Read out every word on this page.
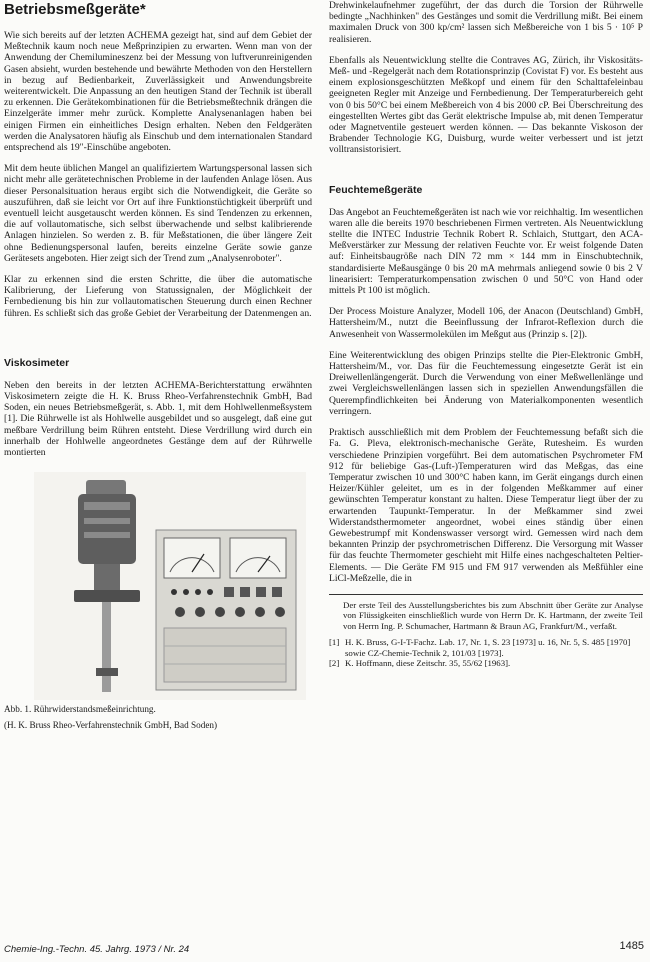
Betriebsmeßgeräte*

Wie sich bereits auf der letzten ACHEMA gezeigt hat, sind auf dem Gebiet der Meßtechnik kaum noch neue Meßprinzipien zu erwarten. Wenn man von der Anwendung der Chemilumineszenz bei der Messung von luftverunreinigenden Gasen absieht, wurden bestehende und bewährte Methoden von den Herstellern in bezug auf Bedienbarkeit, Zuverlässigkeit und Anwendungsbreite weiterentwickelt. Die Anpassung an den heutigen Stand der Technik ist überall zu erkennen. Die Gerätekombinationen für die Betriebsmeßtechnik drängen die Einzelgeräte immer mehr zurück. Komplette Analysenanlagen haben bei einigen Firmen ein einheitliches Design erhalten. Neben den Feldgeräten werden die Analysatoren häufig als Einschub und dem internationalen Standard entsprechend als 19"-Einschübe angeboten.

Mit dem heute üblichen Mangel an qualifiziertem Wartungspersonal lassen sich nicht mehr alle gerätetechnischen Probleme in der laufenden Anlage lösen. Aus dieser Personalsituation heraus ergibt sich die Notwendigkeit, die Geräte so auszuführen, daß sie leicht vor Ort auf ihre Funktionstüchtigkeit überprüft und eventuell leicht ausgetauscht werden können. Es sind Tendenzen zu erkennen, die auf vollautomatische, sich selbst überwachende und selbst kalibrierende Anlagen hinzielen. So werden z. B. für Meßstationen, die über längere Zeit ohne Bedienungspersonal laufen, bereits einzelne Geräte sowie ganze Gerätesets angeboten. Hier zeigt sich der Trend zum „Analysenroboter".

Klar zu erkennen sind die ersten Schritte, die über die automatische Kalibrierung, der Lieferung von Statussignalen, der Möglichkeit der Fernbedienung bis hin zur vollautomatischen Steuerung durch einen Rechner führen. Es schließt sich das große Gebiet der Verarbeitung der Datenmengen an.

Viskosimeter

Neben den bereits in der letzten ACHEMA-Berichterstattung erwähnten Viskosimetern zeigte die H. K. Bruss Rheo-Verfahrenstechnik GmbH, Bad Soden, ein neues Betriebsmeßgerät, s. Abb. 1, mit dem Hohlwellenmeßsystem [1]. Die Rührwelle ist als Hohlwelle ausgebildet und so ausgelegt, daß eine gut meßbare Verdrillung beim Rühren entsteht. Diese Verdrillung wird durch ein innerhalb der Hohlwelle angeordnetes Gestänge dem auf der Rührwelle montierten

Abb. 1. Rührwiderstandsmeßeinrichtung.
(H. K. Bruss Rheo-Verfahrenstechnik GmbH, Bad Soden)

Drehwinkelaufnehmer zugeführt, der das durch die Torsion der Rührwelle bedingte „Nachhinken" des Gestänges und somit die Verdrillung mißt. Bei einem maximalen Druck von 300 kp/cm² lassen sich Meßbereiche von 1 bis 5 · 10⁵ P realisieren.

Ebenfalls als Neuentwicklung stellte die Contraves AG, Zürich, ihr Viskositäts-Meß- und -Regelgerät nach dem Rotationsprinzip (Covistat F) vor. Es besteht aus einem explosionsgeschützten Meßkopf und einem für den Schalttafeleinbau geeigneten Regler mit Anzeige und Fernbedienung. Der Temperaturbereich geht von 0 bis 50°C bei einem Meßbereich von 4 bis 2000 cP. Bei Überschreitung des eingestellten Wertes gibt das Gerät elektrische Impulse ab, mit denen Temperatur oder Magnetventile gesteuert werden können. — Das bekannte Viskoson der Brabender Technologie KG, Duisburg, wurde weiter verbessert und ist jetzt volltransistorisiert.

Feuchtemeßgeräte

Das Angebot an Feuchtemeßgeräten ist nach wie vor reichhaltig. Im wesentlichen waren alle die bereits 1970 beschriebenen Firmen vertreten. Als Neuentwicklung stellte die INTEC Industrie Technik Robert R. Schlaich, Stuttgart, den ACA-Meßverstärker zur Messung der relativen Feuchte vor. Er weist folgende Daten auf: Einheitsbaugröße nach DIN 72 mm × 144 mm in Einschubtechnik, standardisierte Meßausgänge 0 bis 20 mA mehrmals anliegend sowie 0 bis 2 V linearisiert: Temperaturkompensation zwischen 0 und 50°C von Hand oder mittels Pt 100 ist möglich.

Der Process Moisture Analyzer, Modell 106, der Anacon (Deutschland) GmbH, Hattersheim/M., nutzt die Beeinflussung der Infrarot-Reflexion durch die Anwesenheit von Wassermolekülen im Meßgut aus (Prinzip s. [2]).

Eine Weiterentwicklung des obigen Prinzips stellte die Pier-Elektronic GmbH, Hattersheim/M., vor. Das für die Feuchtemessung eingesetzte Gerät ist ein Dreiwellenlängengerät. Durch die Verwendung von einer Meßwellenlänge und zwei Vergleichswellenlängen lassen sich in speziellen Anwendungsfällen die Querempfindlichkeiten bei Änderung von Materialkomponenten wesentlich verringern.

Praktisch ausschließlich mit dem Problem der Feuchtemessung befaßt sich die Fa. G. Pleva, elektronisch-mechanische Geräte, Rutesheim. Es wurden verschiedene Prinzipien vorgeführt. Bei dem automatischen Psychrometer FM 912 für beliebige Gas-(Luft-)Temperaturen wird das Meßgas, das eine Temperatur zwischen 10 und 300°C haben kann, im Gerät eingangs durch einen Heizer/Kühler geleitet, um es in der folgenden Meßkammer auf einer gewünschten Temperatur konstant zu halten. Diese Temperatur liegt über der zu erwartenden Taupunkt-Temperatur. In der Meßkammer sind zwei Widerstandsthermometer angeordnet, wobei eines ständig über einen Gewebestrumpf mit Kondenswasser versorgt wird. Gemessen wird nach dem bekannten Prinzip der psychrometrischen Differenz. Die Versorgung mit Wasser für das feuchte Thermometer geschieht mit Hilfe eines nachgeschalteten Peltier-Elements. — Die Geräte FM 915 und FM 917 verwenden als Meßfühler eine LiCl-Meßzelle, die in

Der erste Teil des Ausstellungsberichtes bis zum Abschnitt über Geräte zur Analyse von Flüssigkeiten einschließlich wurde von Herrn Dr. K. Hartmann, der zweite Teil von Herrn Ing. P. Schumacher, Hartmann & Braun AG, Frankfurt/M., verfaßt.
[1] H. K. Bruss, G-I-T-Fachz. Lab. 17, Nr. 1, S. 23 [1973] u. 16, Nr. 5, S. 485 [1970] sowie CZ-Chemie-Technik 2, 101/03 [1973].
[2] K. Hoffmann, diese Zeitschr. 35, 55/62 [1963].
Chemie-Ing.-Techn. 45. Jahrg. 1973 / Nr. 24	1485
